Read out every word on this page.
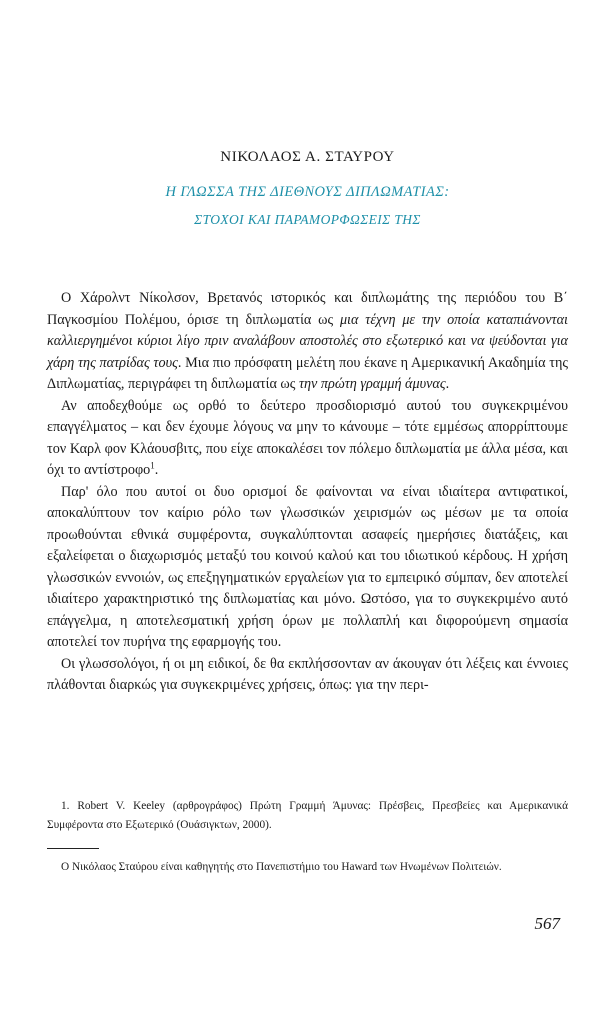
ΝΙΚΟΛΑΟΣ Α. ΣΤΑΥΡΟΥ
Η ΓΛΩΣΣΑ ΤΗΣ ΔΙΕΘΝΟΥΣ ΔΙΠΛΩΜΑΤΙΑΣ:
ΣΤΟΧΟΙ ΚΑΙ ΠΑΡΑΜΟΡΦΩΣΕΙΣ ΤΗΣ

Ο Χάρολντ Νίκολσον, Βρετανός ιστορικός και διπλωμάτης της περιόδου του Β΄ Παγκοσμίου Πολέμου, όρισε τη διπλωματία ως μια τέχνη με την οποία καταπιάνονται καλλιεργημένοι κύριοι λίγο πριν αναλάβουν αποστολές στο εξωτερικό και να ψεύδονται για χάρη της πατρίδας τους. Μια πιο πρόσφατη μελέτη που έκανε η Αμερικανική Ακαδημία της Διπλωματίας, περιγράφει τη διπλωματία ως την πρώτη γραμμή άμυνας.

Αν αποδεχθούμε ως ορθό το δεύτερο προσδιορισμό αυτού του συγκεκριμένου επαγγέλματος – και δεν έχουμε λόγους να μην το κάνουμε – τότε εμμέσως απορρίπτουμε τον Καρλ φον Κλάουσβιτς, που είχε αποκαλέσει τον πόλεμο διπλωματία με άλλα μέσα, και όχι το αντίστροφο$^1$.

Παρ' όλο που αυτοί οι δυο ορισμοί δε φαίνονται να είναι ιδιαίτερα αντιφατικοί, αποκαλύπτουν τον καίριο ρόλο των γλωσσικών χειρισμών ως μέσων με τα οποία προωθούνται εθνικά συμφέροντα, συγκαλύπτονται ασαφείς ημερήσιες διατάξεις, και εξαλείφεται ο διαχωρισμός μεταξύ του κοινού καλού και του ιδιωτικού κέρδους. Η χρήση γλωσσικών εννοιών, ως επεξηγηματικών εργαλείων για το εμπειρικό σύμπαν, δεν αποτελεί ιδιαίτερο χαρακτηριστικό της διπλωματίας και μόνο. Ωστόσο, για το συγκεκριμένο αυτό επάγγελμα, η αποτελεσματική χρήση όρων με πολλαπλή και διφορούμενη σημασία αποτελεί τον πυρήνα της εφαρμογής του.

Οι γλωσσολόγοι, ή οι μη ειδικοί, δε θα εκπλήσσονταν αν άκουγαν ότι λέξεις και έννοιες πλάθονται διαρκώς για συγκεκριμένες χρήσεις, όπως: για την περι-

1. Robert V. Keeley (αρθρογράφος) Πρώτη Γραμμή Άμυνας: Πρέσβεις, Πρεσβείες και Αμερικανικά Συμφέροντα στο Εξωτερικό (Ουάσιγκτων, 2000).
Ο Νικόλαος Σταύρου είναι καθηγητής στο Πανεπιστήμιο του Haward των Ηνωμένων Πολιτειών.
567
